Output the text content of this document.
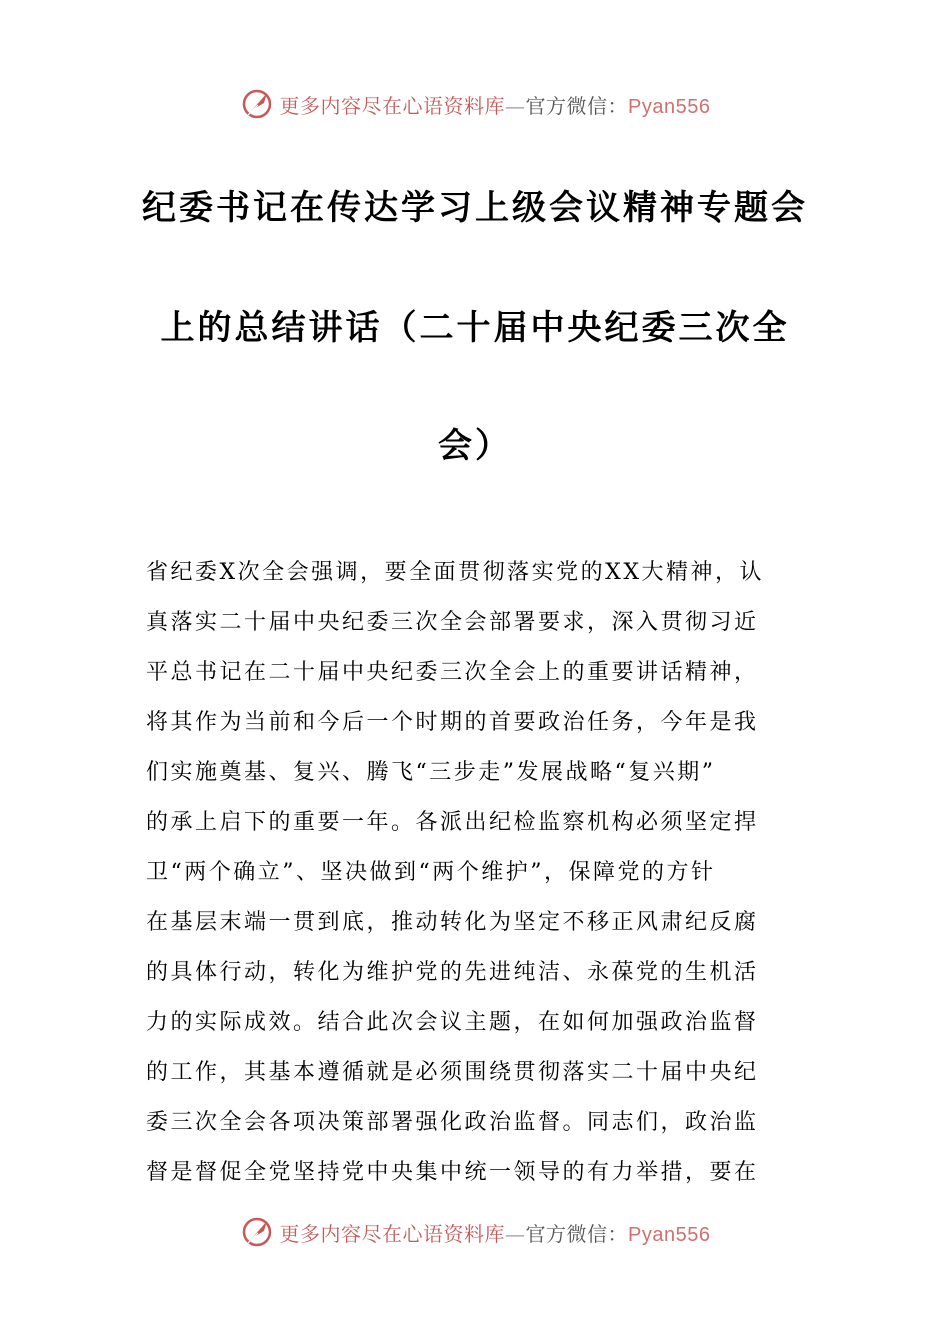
更多内容尽在心语资料库—官方微信：Pyan556
纪委书记在传达学习上级会议精神专题会
上的总结讲话（二十届中央纪委三次全
会）

省纪委X次全会强调，要全面贯彻落实党的XX大精神，认
真落实二十届中央纪委三次全会部署要求，深入贯彻习近
平总书记在二十届中央纪委三次全会上的重要讲话精神，
将其作为当前和今后一个时期的首要政治任务，今年是我
们实施奠基、复兴、腾飞“三步走”发展战略“复兴期”
的承上启下的重要一年。各派出纪检监察机构必须坚定捍
卫“两个确立”、坚决做到“两个维护”，保障党的方针
在基层末端一贯到底，推动转化为坚定不移正风肃纪反腐
的具体行动，转化为维护党的先进纯洁、永葆党的生机活
力的实际成效。结合此次会议主题，在如何加强政治监督
的工作，其基本遵循就是必须围绕贯彻落实二十届中央纪
委三次全会各项决策部署强化政治监督。同志们，政治监
督是督促全党坚持党中央集中统一领导的有力举措，要在

更多内容尽在心语资料库—官方微信：Pyan556
